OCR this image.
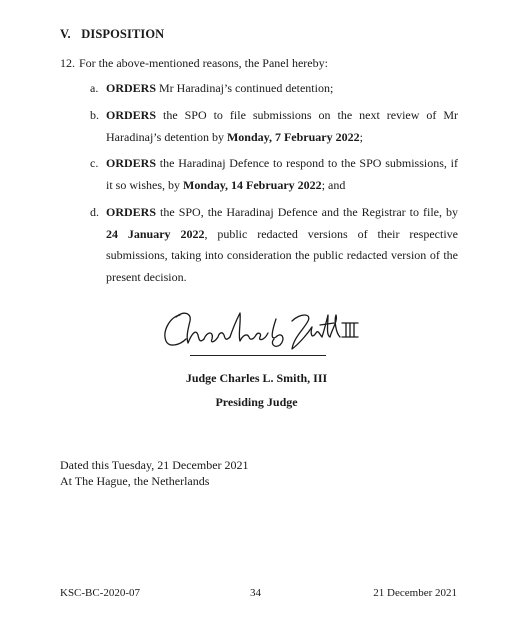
V. DISPOSITION
12. For the above-mentioned reasons, the Panel hereby:
a. ORDERS Mr Haradinaj’s continued detention;
b. ORDERS the SPO to file submissions on the next review of Mr Haradinaj’s detention by Monday, 7 February 2022;
c. ORDERS the Haradinaj Defence to respond to the SPO submissions, if it so wishes, by Monday, 14 February 2022; and
d. ORDERS the SPO, the Haradinaj Defence and the Registrar to file, by 24 January 2022, public redacted versions of their respective submissions, taking into consideration the public redacted version of the present decision.
Judge Charles L. Smith, III
Presiding Judge
Dated this Tuesday, 21 December 2021
At The Hague, the Netherlands
KSC-BC-2020-07	34	21 December 2021
